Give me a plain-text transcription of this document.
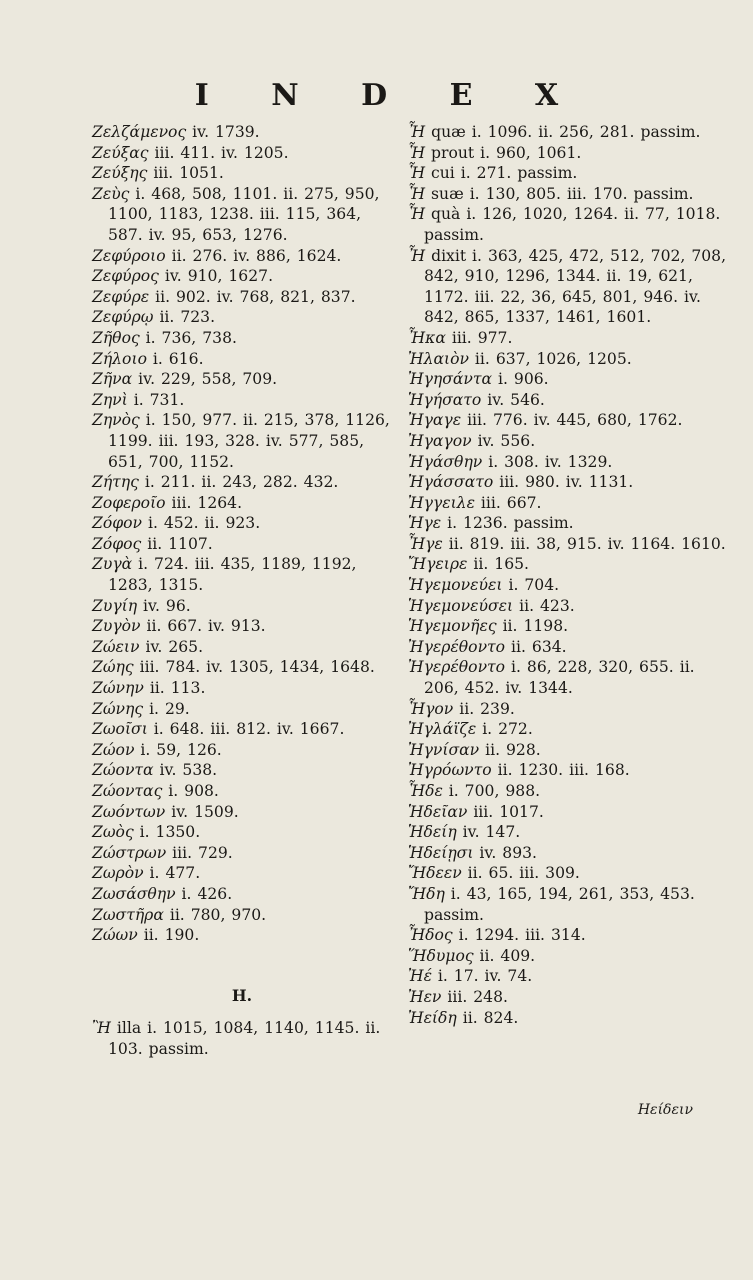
I N D E X

Ζελζάμενος iv. 1739.

Ζεύξας iii. 411. iv. 1205.

Ζεύξης iii. 1051.

Ζεὺς i. 468, 508, 1101. ii. 275, 950, 1100, 1183, 1238. iii. 115, 364, 587. iv. 95, 653, 1276.

Ζεφύροιο ii. 276. iv. 886, 1624.

Ζεφύρος iv. 910, 1627.

Ζεφύρε ii. 902. iv. 768, 821, 837.

Ζεφύρῳ ii. 723.

Ζῆθος i. 736, 738.

Ζήλοιο i. 616.

Ζῆνα iv. 229, 558, 709.

Ζηνὶ i. 731.

Ζηνὸς i. 150, 977. ii. 215, 378, 1126, 1199. iii. 193, 328. iv. 577, 585, 651, 700, 1152.

Ζήτης i. 211. ii. 243, 282. 432.

Ζοφεροῖο iii. 1264.

Ζόφον i. 452. ii. 923.

Ζόφος ii. 1107.

Ζυγὰ i. 724. iii. 435, 1189, 1192, 1283, 1315.

Ζυγίη iv. 96.

Ζυγὸν ii. 667. iv. 913.

Ζώειν iv. 265.

Ζώης iii. 784. iv. 1305, 1434, 1648.

Ζώνην ii. 113.

Ζώνης i. 29.

Ζωοῖσι i. 648. iii. 812. iv. 1667.

Ζώον i. 59, 126.

Ζώοντα iv. 538.

Ζώοντας i. 908.

Ζωόντων iv. 1509.

Ζωὸς i. 1350.

Ζώστρων iii. 729.

Ζωρὸν i. 477.

Ζωσάσθην i. 426.

Ζωστῆρα ii. 780, 970.

Ζώων ii. 190.

H.

Ἢ illa i. 1015, 1084, 1140, 1145. ii. 103. passim.

Ἦ quæ i. 1096. ii. 256, 281. passim.

Ἧ prout i. 960, 1061.

Ἧ cui i. 271. passim.

Ἧ suæ i. 130, 805. iii. 170. passim.

Ἧ quà i. 126, 1020, 1264. ii. 77, 1018. passim.

Ἦ dixit i. 363, 425, 472, 512, 702, 708, 842, 910, 1296, 1344. ii. 19, 621, 1172. iii. 22, 36, 645, 801, 946. iv. 842, 865, 1337, 1461, 1601.

Ἦκα iii. 977.

Ἠλαιὸν ii. 637, 1026, 1205.

Ἠγησάντα i. 906.

Ἡγήσατο iv. 546.

Ἠγαγε iii. 776. iv. 445, 680, 1762.

Ἠγαγον iv. 556.

Ἠγάσθην i. 308. iv. 1329.

Ἠγάσσατο iii. 980. iv. 1131.

Ἠγγειλε iii. 667.

Ἡγε i. 1236. passim.

Ἦγε ii. 819. iii. 38, 915. iv. 1164. 1610.

Ἤγειρε ii. 165.

Ἡγεμονεύει i. 704.

Ἡγεμονεύσει ii. 423.

Ἡγεμονῆες ii. 1198.

Ἠγερέθοντο ii. 634.

Ἠγερέθοντο i. 86, 228, 320, 655. ii. 206, 452. iv. 1344.

Ἧγον ii. 239.

Ἠγλάϊζε i. 272.

Ἠγνίσαν ii. 928.

Ἠγρόωντο ii. 1230. iii. 168.

Ἧδε i. 700, 988.

Ἡδεῖαν iii. 1017.

Ἡδείη iv. 147.

Ἡδείῃσι iv. 893.

Ἤδεεν ii. 65. iii. 309.

Ἤδη i. 43, 165, 194, 261, 353, 453. passim.

Ἦδος i. 1294. iii. 314.

Ἥδυμος ii. 409.

Ἠέ i. 17. iv. 74.

Ἠεν iii. 248.

Ἠείδη ii. 824.

Ηείδειν
